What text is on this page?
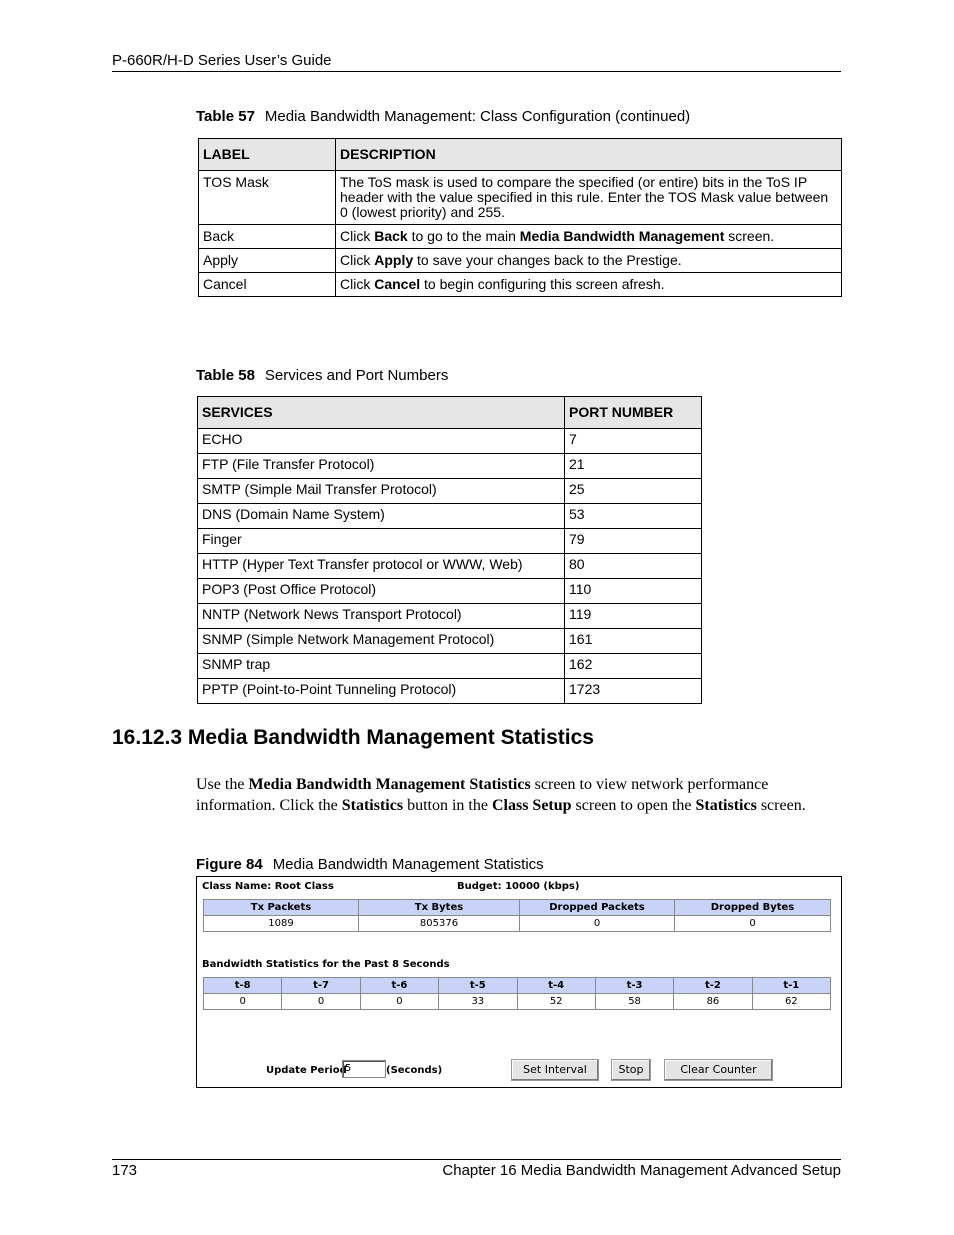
P-660R/H-D Series User’s Guide
Table 57 Media Bandwidth Management: Class Configuration (continued)
LABEL	DESCRIPTION
TOS Mask	The ToS mask is used to compare the specified (or entire) bits in the ToS IP header with the value specified in this rule. Enter the TOS Mask value between 0 (lowest priority) and 255.
Back	Click Back to go to the main Media Bandwidth Management screen.
Apply	Click Apply to save your changes back to the Prestige.
Cancel	Click Cancel to begin configuring this screen afresh.
Table 58 Services and Port Numbers
SERVICES	PORT NUMBER
ECHO	7
FTP (File Transfer Protocol)	21
SMTP (Simple Mail Transfer Protocol)	25
DNS (Domain Name System)	53
Finger	79
HTTP (Hyper Text Transfer protocol or WWW, Web)	80
POP3 (Post Office Protocol)	110
NNTP (Network News Transport Protocol)	119
SNMP (Simple Network Management Protocol)	161
SNMP trap	162
PPTP (Point-to-Point Tunneling Protocol)	1723
16.12.3 Media Bandwidth Management Statistics
Use the Media Bandwidth Management Statistics screen to view network performance information. Click the Statistics button in the Class Setup screen to open the Statistics screen.
Figure 84 Media Bandwidth Management Statistics
Class Name: Root Class	Budget: 10000 (kbps)
Tx Packets	Tx Bytes	Dropped Packets	Dropped Bytes
1089	805376	0	0
Bandwidth Statistics for the Past 8 Seconds
t-8	t-7	t-6	t-5	t-4	t-3	t-2	t-1
0	0	0	33	52	58	86	62
Update Period
5	(Seconds)	Set Interval	Stop	Clear Counter
173	Chapter 16 Media Bandwidth Management Advanced Setup
